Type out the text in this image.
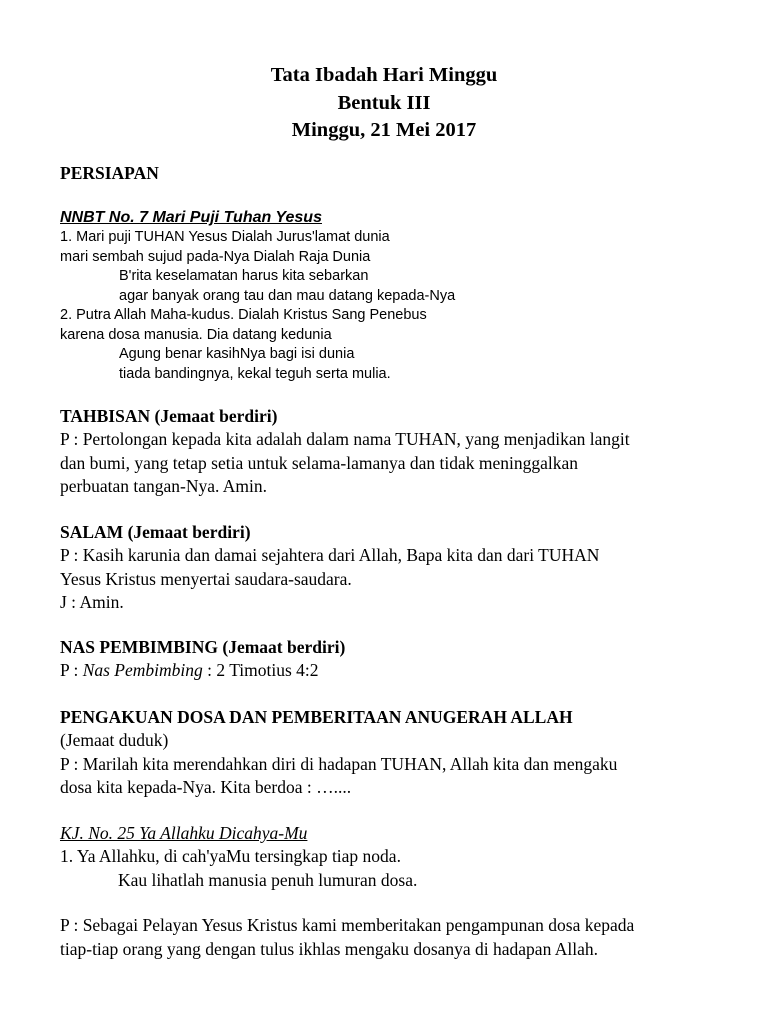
Tata Ibadah Hari Minggu
Bentuk III
Minggu, 21 Mei 2017
PERSIAPAN
NNBT No. 7 Mari Puji Tuhan Yesus
1. Mari puji TUHAN Yesus Dialah Jurus'lamat dunia
mari sembah sujud pada-Nya Dialah Raja Dunia
B'rita keselamatan harus kita sebarkan
agar banyak orang tau dan mau datang kepada-Nya
2. Putra Allah Maha-kudus. Dialah Kristus Sang Penebus
karena dosa manusia. Dia datang kedunia
Agung benar kasihNya bagi isi dunia
tiada bandingnya, kekal teguh serta mulia.
TAHBISAN (Jemaat berdiri)
P : Pertolongan kepada kita adalah dalam nama TUHAN, yang menjadikan langit
dan bumi, yang tetap setia untuk selama-lamanya dan tidak meninggalkan
perbuatan tangan-Nya. Amin.
SALAM (Jemaat berdiri)
P : Kasih karunia dan damai sejahtera dari Allah, Bapa kita dan dari TUHAN
Yesus Kristus menyertai saudara-saudara.
J : Amin.
NAS PEMBIMBING (Jemaat berdiri)
P : Nas Pembimbing : 2 Timotius 4:2
PENGAKUAN DOSA DAN PEMBERITAAN ANUGERAH ALLAH
(Jemaat duduk)
P : Marilah kita merendahkan diri di hadapan TUHAN, Allah kita dan mengaku
dosa kita kepada-Nya. Kita berdoa : …....
KJ. No. 25 Ya Allahku Dicahya-Mu
1. Ya Allahku, di cah'yaMu tersingkap tiap noda.
Kau lihatlah manusia penuh lumuran dosa.
P : Sebagai Pelayan Yesus Kristus kami memberitakan pengampunan dosa kepada
tiap-tiap orang yang dengan tulus ikhlas mengaku dosanya di hadapan Allah.
